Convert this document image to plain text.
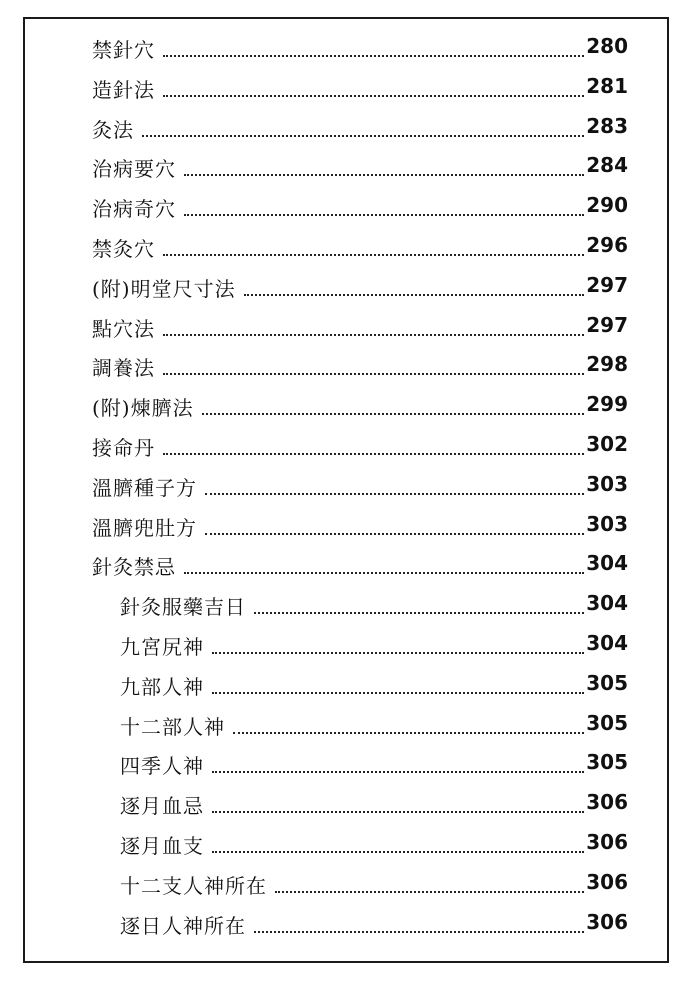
禁針穴	280
造針法	281
灸法	283
治病要穴	284
治病奇穴	290
禁灸穴	296
(附)明堂尺寸法	297
點穴法	297
調養法	298
(附)煉臍法	299
接命丹	302
溫臍種子方	303
溫臍兜肚方	303
針灸禁忌	304
針灸服藥吉日	304
九宮尻神	304
九部人神	305
十二部人神	305
四季人神	305
逐月血忌	306
逐月血支	306
十二支人神所在	306
逐日人神所在	306
